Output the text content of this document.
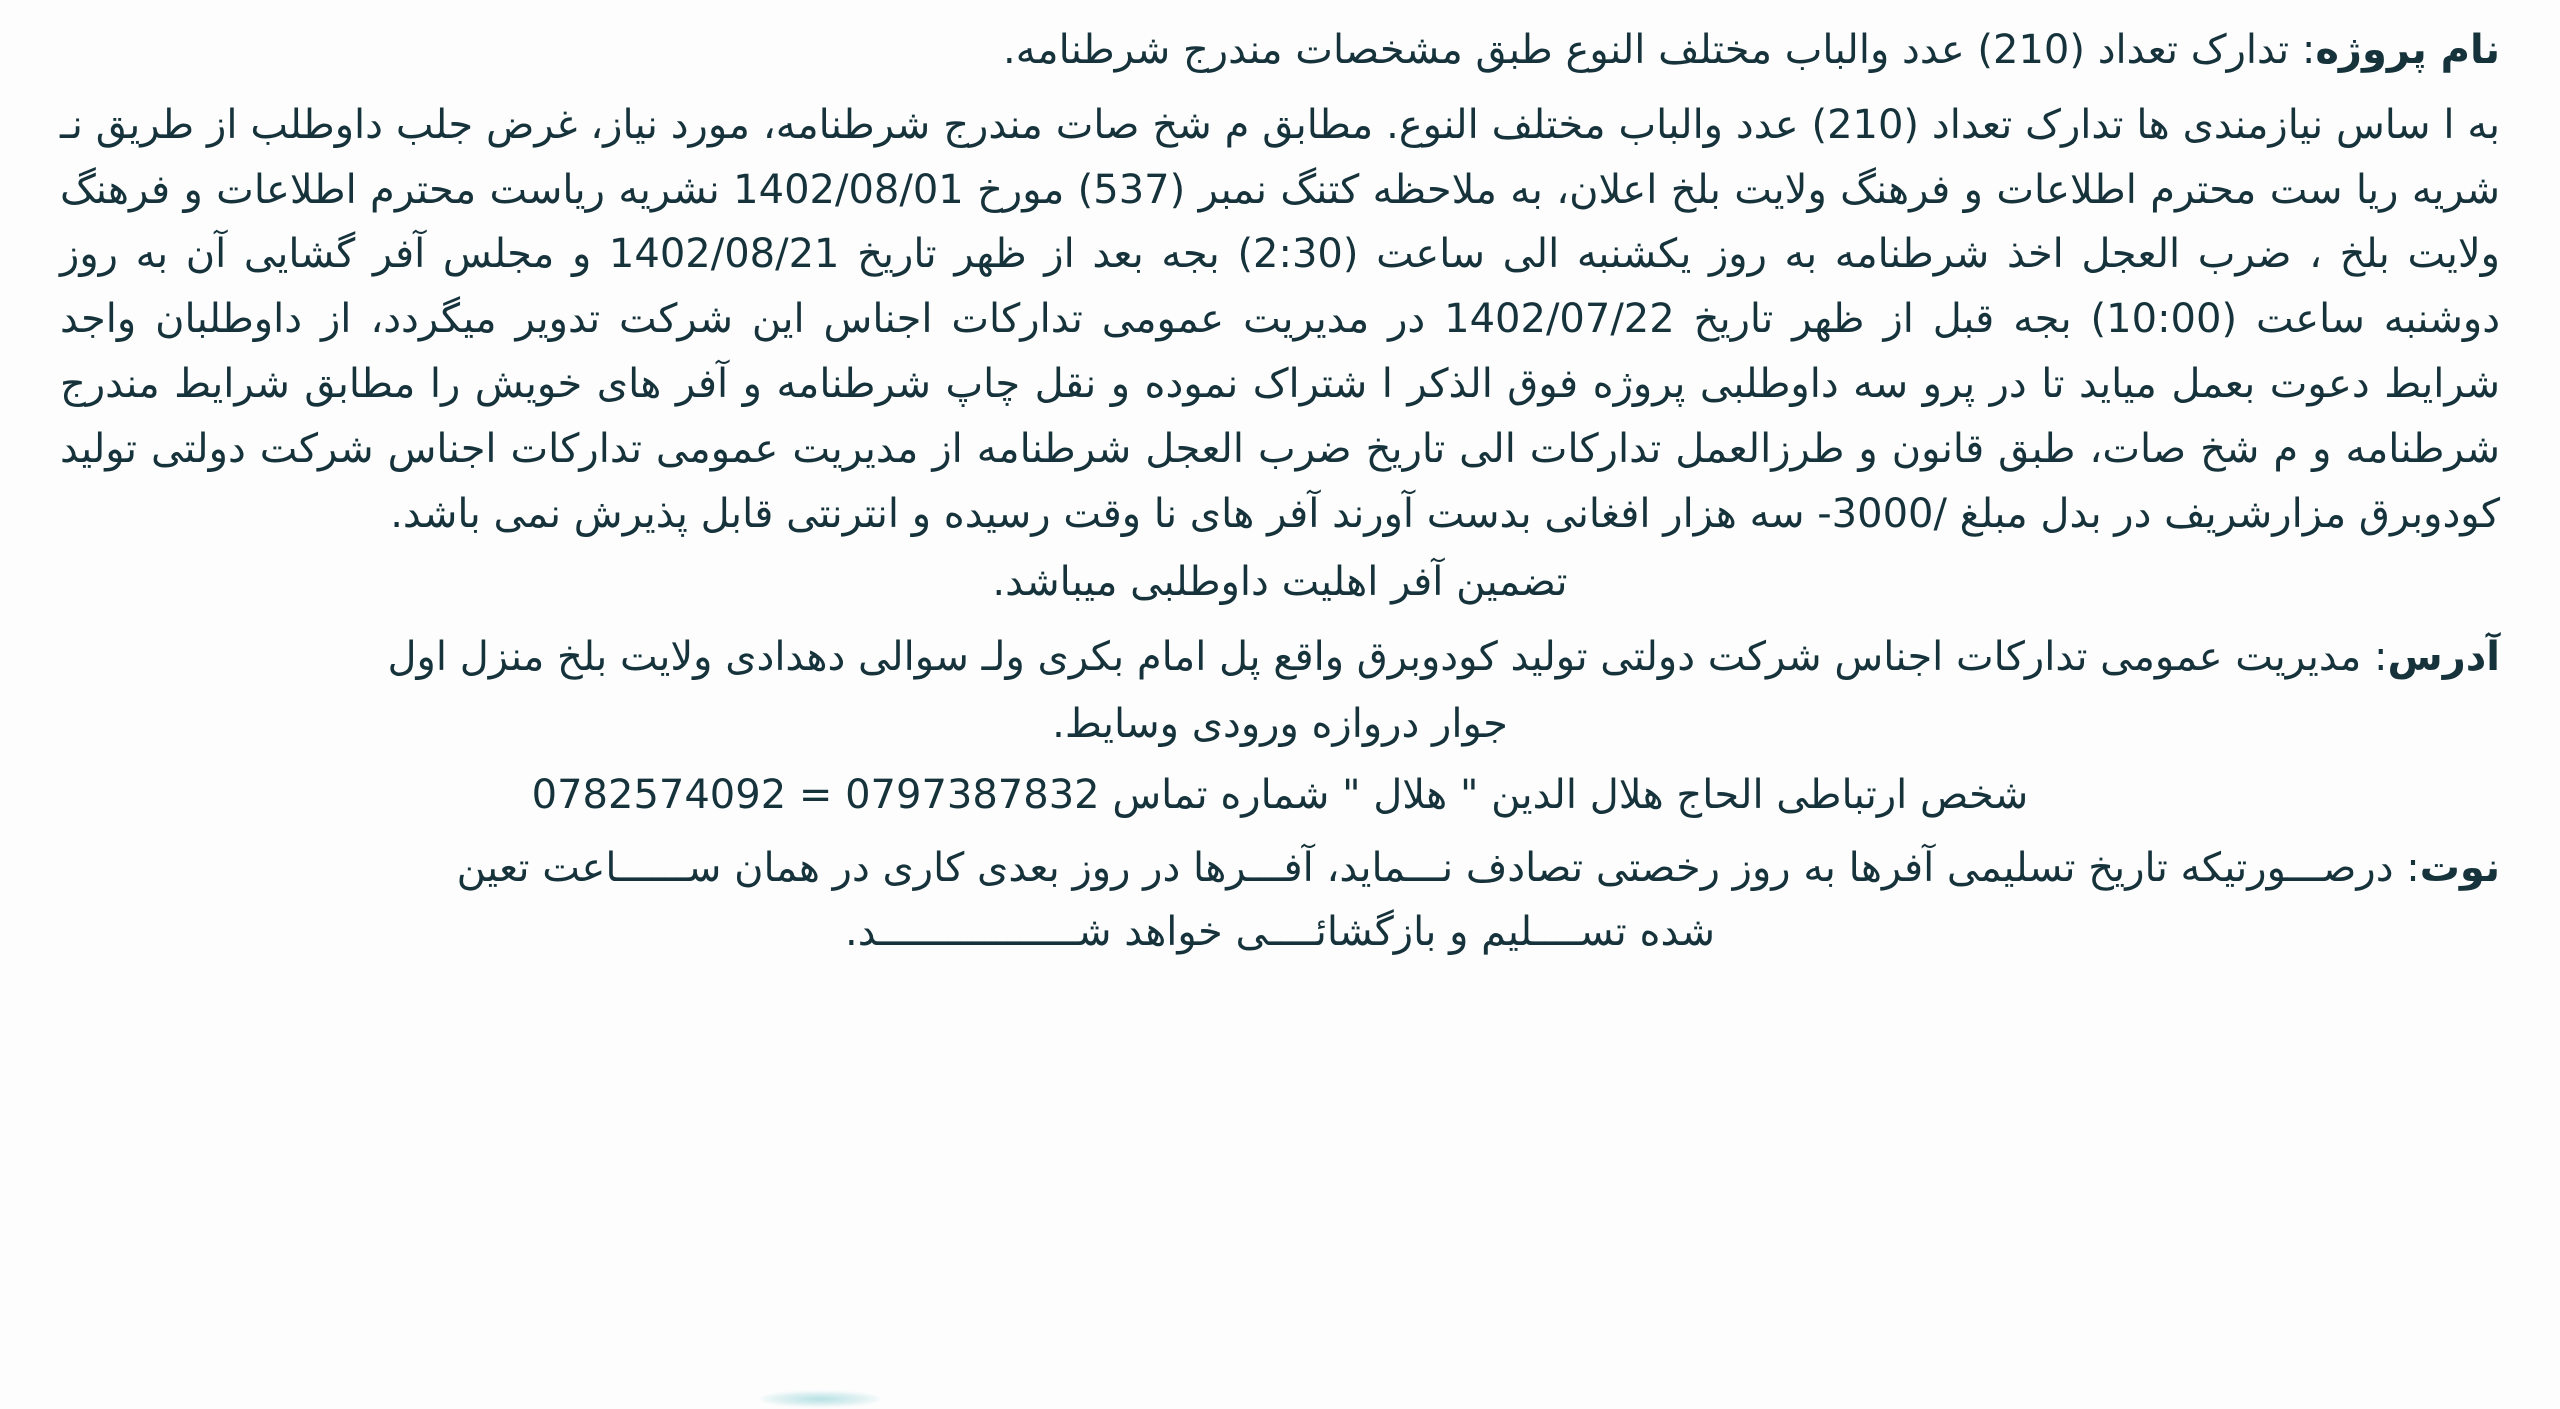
نام پروژه: تدارک تعداد (210) عدد والباب مختلف النوع طبق مشخصات مندرج شرطنامه.

به ا ساس نیازمندی ها تدارک تعداد (210) عدد والباب مختلف النوع. مطابق م شخ صات مندرج شرطنامه، مورد نیاز، غرض جلب داوطلب از طریق نـ شریه ریا ست محترم اطلاعات و فرهنگ ولایت بلخ اعلان، به ملاحظه کتنگ نمبر (537) مورخ 1402/08/01 نشریه ریاست محترم اطلاعات و فرهنگ ولایت بلخ ، ضرب العجل اخذ شرطنامه به روز یکشنبه الی ساعت (2:30) بجه بعد از ظهر تاریخ 1402/08/21 و مجلس آفر گشایی آن به روز دوشنبه ساعت (10:00) بجه قبل از ظهر تاریخ 1402/07/22 در مدیریت عمومی تدارکات اجناس این شرکت تدویر میگردد، از داوطلبان واجد شرایط دعوت بعمل میاید تا در پرو سه داوطلبی پروژه فوق الذکر ا شتراک نموده و نقل چاپ شرطنامه و آفر های خویش را مطابق شرایط مندرج شرطنامه و م شخ صات، طبق قانون و طرزالعمل تدارکات الی تاریخ ضرب العجل شرطنامه از مدیریت عمومی تدارکات اجناس شرکت دولتی تولید کودوبرق مزارشریف در بدل مبلغ /3000- سه هزار افغانی بدست آورند آفر های نا وقت رسیده و انترنتی قابل پذیرش نمی باشد.

تضمین آفر اهلیت داوطلبی میباشد.

آدرس: مدیریت عمومی تدارکات اجناس شرکت دولتی تولید کودوبرق واقع پل امام بکری ولـ سوالی دهدادی ولایت بلخ منزل اول

جوار دروازه ورودی وسایط.

شخص ارتباطی الحاج هلال الدین " هلال " شماره تماس 0797387832 = 0782574092

نوت: درصـــورتیکه تاریخ تسلیمی آفرها به روز رخصتی تصادف نـــماید، آفـــرها در روز بعدی کاری در همان ســــــاعت تعین

شده تســــلیم و بازگشائــــی خواهد شـــــــــــــــــد.
